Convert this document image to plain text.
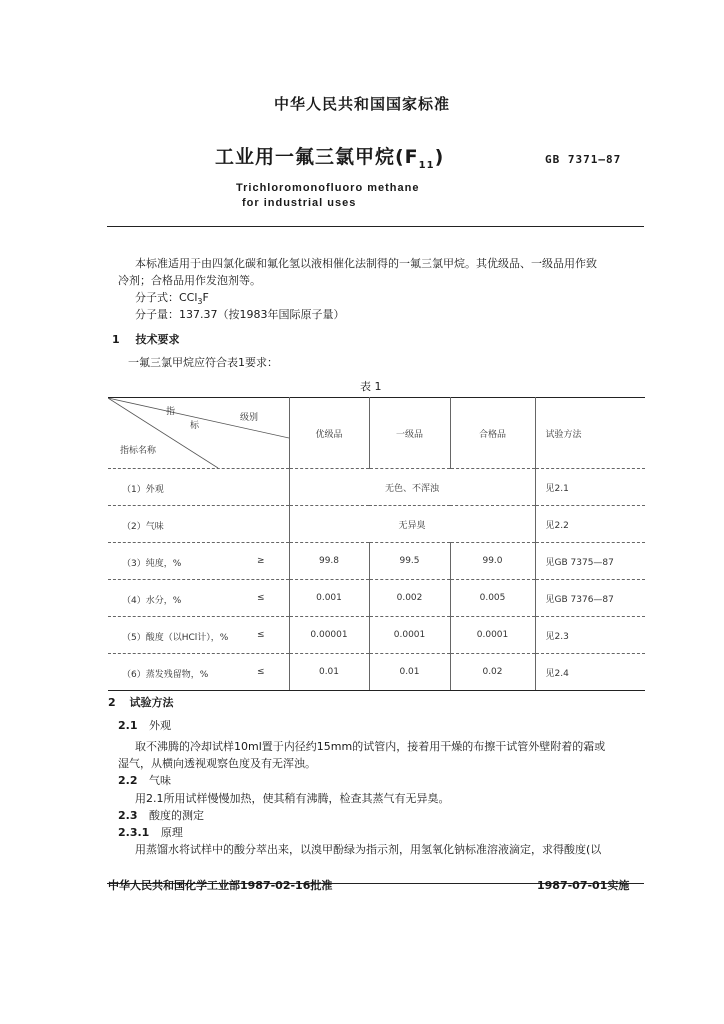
中华人民共和国国家标准
工业用一氟三氯甲烷$(F_{11})$	GB 7371—87
Trichloromonofluoro methane
for industrial uses
本标准适用于由四氯化碳和氟化氢以液相催化法制得的一氟三氯甲烷。其优级品、一级品用作致
冷剂；合格品用作发泡剂等。
分子式：CCl$_3$F
分子量：137.37（按1983年国际原子量）
1 技术要求
一氟三氯甲烷应符合表1要求：
表 1
指
标
级别
指标名称	优级品	一级品	合格品	试验方法

（1）外观	无色、不浑浊			见2.1

（2）气味	无异臭			见2.2

（3）纯度，% ≥	99.8	99.5	99.0	见GB 7375—87

（4）水分，% ≤	0.001	0.002	0.005	见GB 7376—87

（5）酸度（以HCl计），% ≤	0.00001	0.0001	0.0001	见2.3

（6）蒸发残留物，% ≤	0.01	0.01	0.02	见2.4
2 试验方法
2.1 外观
取不沸腾的冷却试样10ml置于内径约15mm的试管内，接着用干燥的布擦干试管外壁附着的霜或
湿气，从横向透视观察色度及有无浑浊。
2.2 气味
用2.1所用试样慢慢加热，使其稍有沸腾，检查其蒸气有无异臭。
2.3 酸度的测定
2.3.1 原理
用蒸馏水将试样中的酸分萃出来，以溴甲酚绿为指示剂，用氢氧化钠标准溶液滴定，求得酸度(以
中华人民共和国化学工业部1987-02-16批准	1987-07-01实施
